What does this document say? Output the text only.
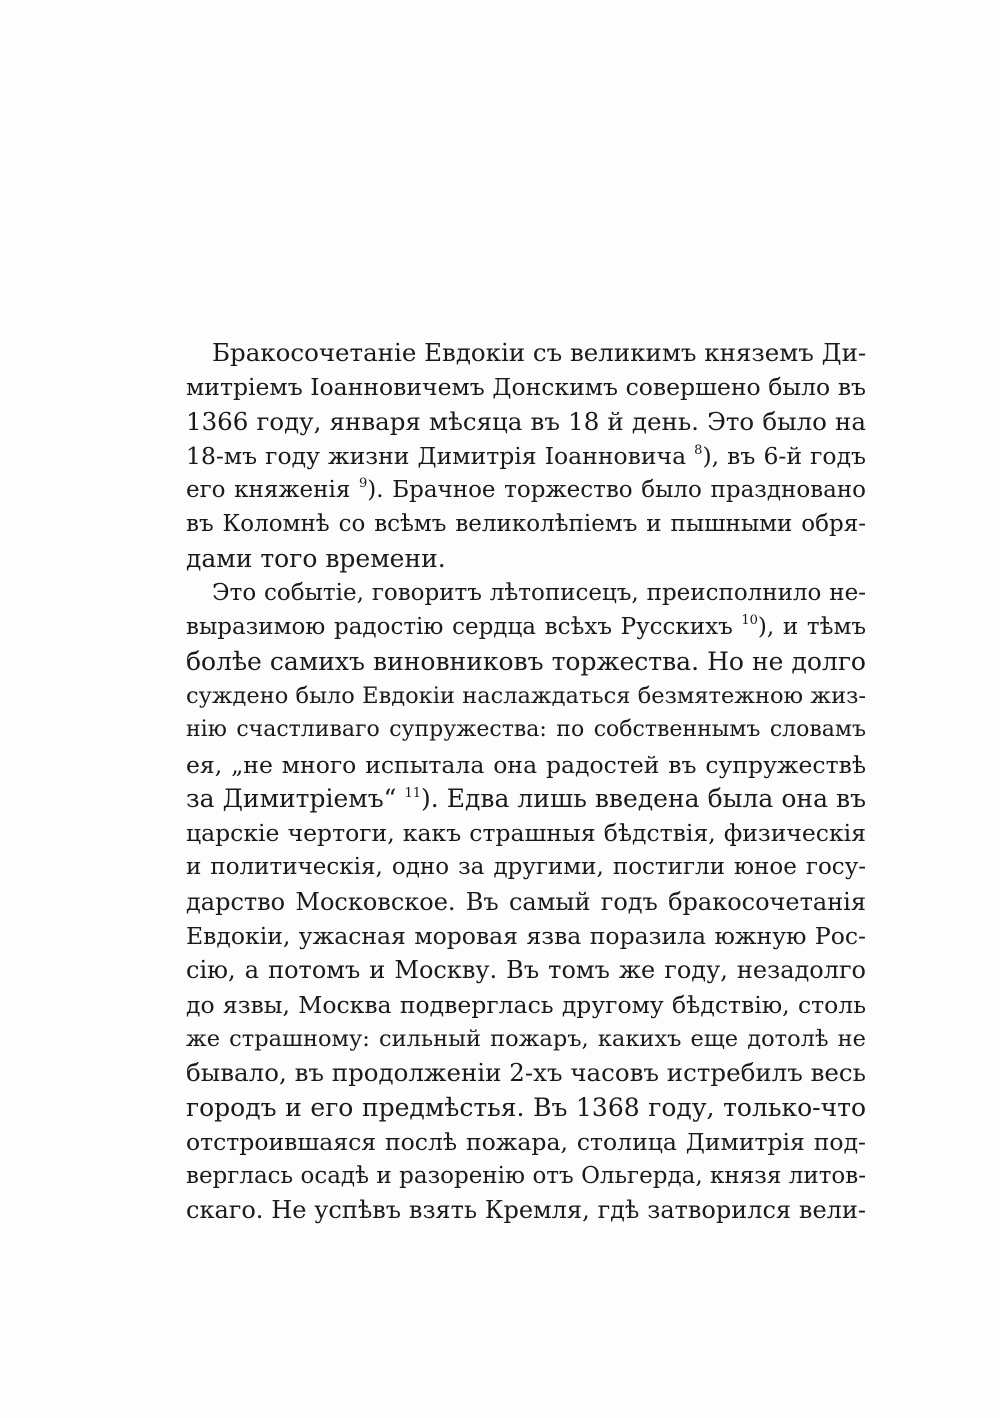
Бракосочетаніе Евдокіи съ великимъ княземъ Ди-
митріемъ Іоанновичемъ Донскимъ совершено было въ
1366 году, января мѣсяца въ 18 й день. Это было на
18-мъ году жизни Димитрія Іоанновича $^8$), въ 6-й годъ
его княженія $^9$). Брачное торжество было праздновано
въ Коломнѣ со всѣмъ великолѣпіемъ и пышными обря-
дами того времени.
Это событіе, говоритъ лѣтописецъ, преисполнило не-
выразимою радостію сердца всѣхъ Русскихъ $^{10}$), и тѣмъ
болѣе самихъ виновниковъ торжества. Но не долго
суждено было Евдокіи наслаждаться безмятежною жиз-
нію счастливаго супружества: по собственнымъ словамъ
ея, „не много испытала она радостей въ супружествѣ
за Димитріемъ“ $^{11}$). Едва лишь введена была она въ
царскіе чертоги, какъ страшныя бѣдствія, физическія
и политическія, одно за другими, постигли юное госу-
дарство Московское. Въ самый годъ бракосочетанія
Евдокіи, ужасная моровая язва поразила южную Рос-
сію, а потомъ и Москву. Въ томъ же году, незадолго
до язвы, Москва подверглась другому бѣдствію, столь
же страшному: сильный пожаръ, какихъ еще дотолѣ не
бывало, въ продолженіи 2-хъ часовъ истребилъ весь
городъ и его предмѣстья. Въ 1368 году, только-что
отстроившаяся послѣ пожара, столица Димитрія под-
верглась осадѣ и разоренію отъ Ольгерда, князя литов-
скаго. Не успѣвъ взять Кремля, гдѣ затворился вели-
